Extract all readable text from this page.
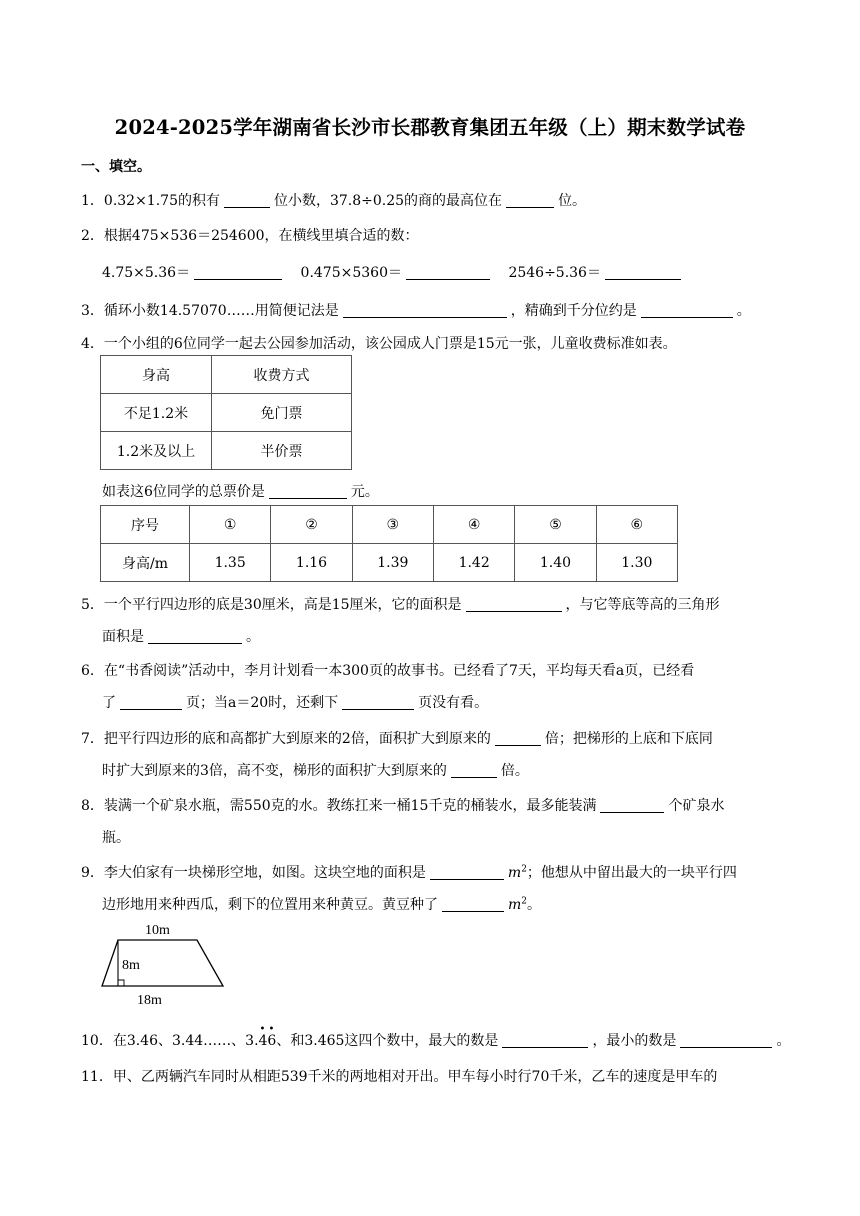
2024-2025学年湖南省长沙市长郡教育集团五年级（上）期末数学试卷
一、填空。
1．0.32×1.75的积有	位小数，37.8÷0.25的商的最高位在	位。
2．根据475×536＝254600，在横线里填合适的数：
4.75×5.36＝	0.475×5360＝	2546÷5.36＝
3．循环小数14.57070……用简便记法是	，精确到千分位约是	。
4．一个小组的6位同学一起去公园参加活动，该公园成人门票是15元一张，儿童收费标准如表。
身高	收费方式
不足1.2米	免门票
1.2米及以上	半价票
如表这6位同学的总票价是	元。
序号	①	②	③	④	⑤	⑥
身高/m	1.35	1.16	1.39	1.42	1.40	1.30
5．一个平行四边形的底是30厘米，高是15厘米，它的面积是	，与它等底等高的三角形
面积是	。
6．在“书香阅读”活动中，李月计划看一本300页的故事书。已经看了7天，平均每天看a页，已经看
了	页；当a＝20时，还剩下	页没有看。
7．把平行四边形的底和高都扩大到原来的2倍，面积扩大到原来的	倍；把梯形的上底和下底同
时扩大到原来的3倍，高不变，梯形的面积扩大到原来的	倍。
8．装满一个矿泉水瓶，需550克的水。教练扛来一桶15千克的桶装水，最多能装满	个矿泉水
瓶。
9．李大伯家有一块梯形空地，如图。这块空地的面积是	$m^2$；他想从中留出最大的一块平行四
边形地用来种西瓜，剩下的位置用来种黄豆。黄豆种了	$m^2$。
10m
8m
18m
10．在3.46、3.44……、3.
• •
46、和3.465这四个数中，最大的数是	，最小的数是	。
11．甲、乙两辆汽车同时从相距539千米的两地相对开出。甲车每小时行70千米，乙车的速度是甲车的
